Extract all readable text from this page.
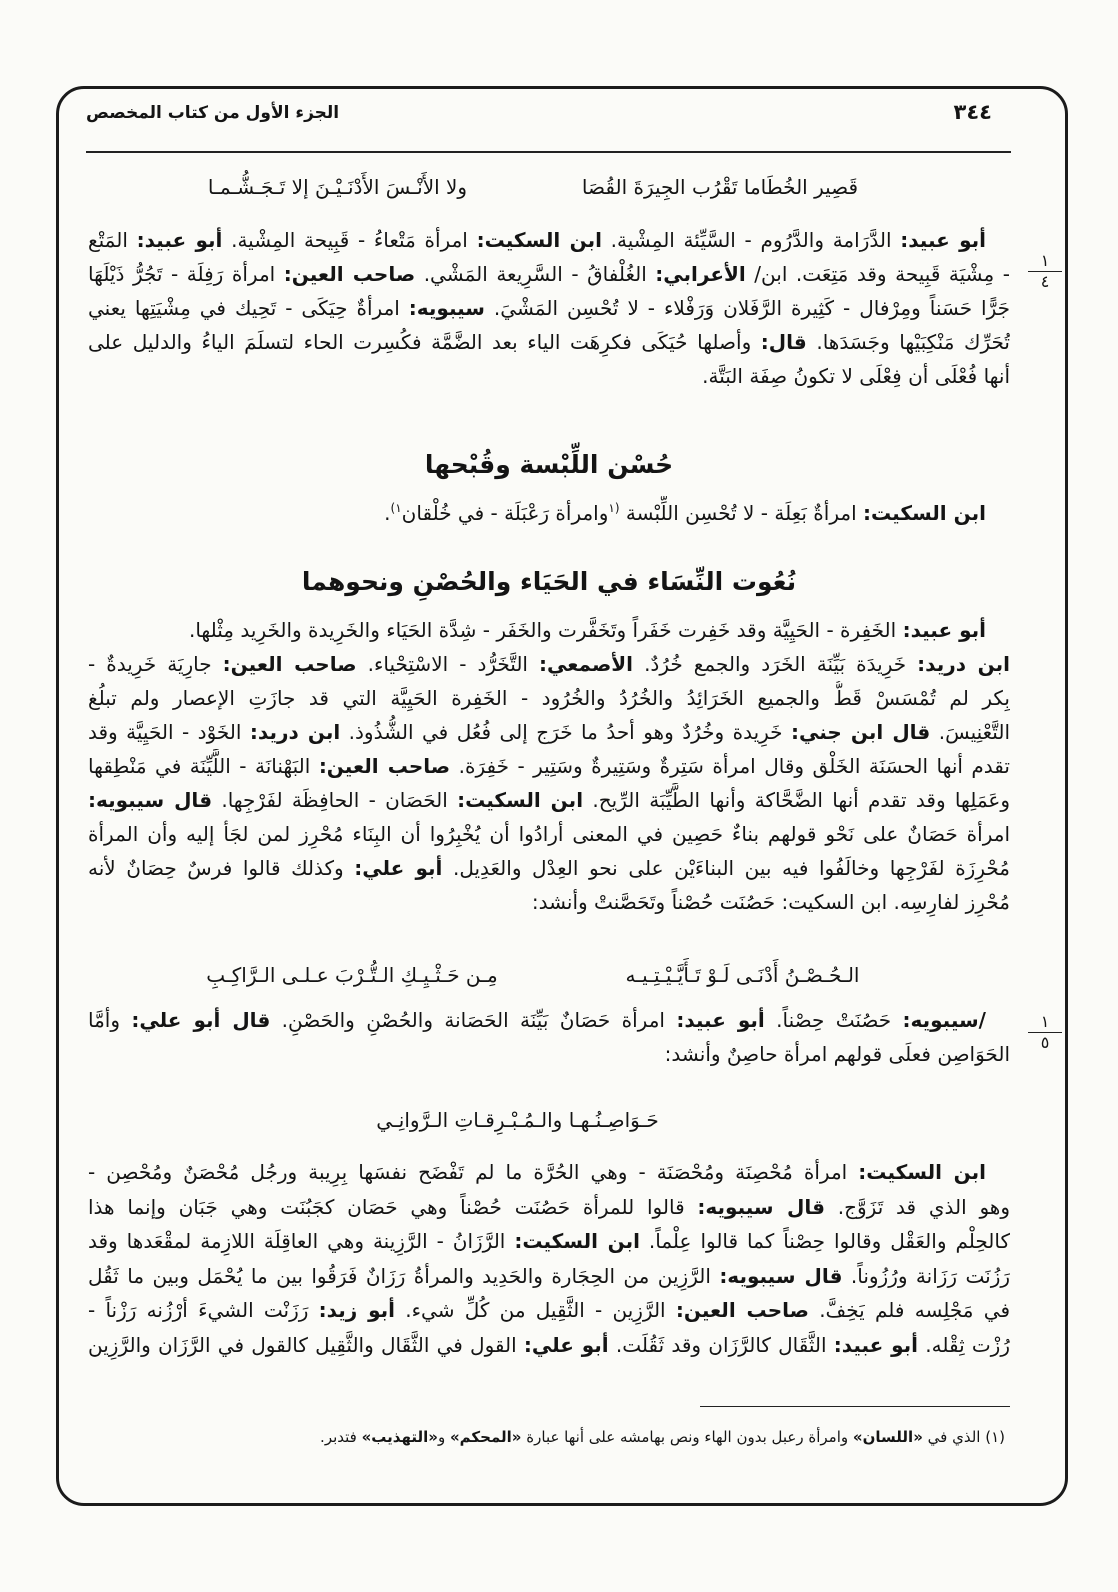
٣٤٤
الجزء الأول من كتاب المخصص
قَصِير الخُطَاما تَقْرُب الجِيرَةَ القُصَا
ولا الأَنْـسَ الأَدْنَـيْـنَ إلا تَـجَـشُّـمـا
أبو عبيد: الدَّرَامة والدَّرُوم - السَّيِّئة المِشْية. ابن السكيت: امرأة مَتْعاءُ - قَبِيحة المِشْية. أبو عبيد: المَتْع
- مِشْيَة قَبِيحة وقد مَتِعَت. ابن/ الأعرابي: الغُلْفاقُ - السَّرِيعة المَشْي. صاحب العين: امرأة رَفِلَة - تَجُرُّ ذَيْلَهَا
جَرًّا حَسَناً ومِرْفال - كَثِيرة الرَّفَلان وَرَفْلاء - لا تُحْسِن المَشْيَ. سيبويه: امرأةٌ حِيَكَى - تَحِيك في مِشْيَتِها يعني
تُحَرِّك مَنْكِبَيْها وجَسَدَها. قال: وأصلها حُيَكَى فكرِهَت الياء بعد الضَّمَّة فكُسِرت الحاء لتسلَمَ الياءُ والدليل على
أنها فُعْلَى أن فِعْلَى لا تكونُ صِفَة البَتَّة.
١
٤
حُسْن اللِّبْسة وقُبْحها
ابن السكيت: امرأةٌ بَعِلَة - لا تُحْسِن اللِّبْسة $^{(١}$وامرأة رَعْبَلَة - في خُلْقان$^{١)}$.
نُعُوت النِّسَاء في الحَيَاء والحُصْنِ ونحوهما
أبو عبيد: الخَفِرة - الحَيِيَّة وقد خَفِرت خَفَراً وتَخَفَّرت والخَفَر - شِدَّة الحَيَاء والخَرِيدة والخَرِيد مِثْلها.
ابن دريد: خَرِيدَة بَيِّنَة الخَرَد والجمع خُرُدٌ. الأصمعي: التَّخَرُّد - الاسْتِحْياء. صاحب العين: جارِيَة خَرِيدةٌ -
بِكر لم تُمْسَسْ قَطُّ والجميع الخَرَائِدُ والخُرُدُ والخُرُود - الخَفِرة الحَيِيَّة التي قد جازَتِ الإعصار ولم تبلُغ
التَّعْنِيسَ. قال ابن جني: خَرِيدة وخُرُدٌ وهو أحدُ ما خَرَج إلى فُعُل في الشُّذُوذ. ابن دريد: الخَوْد - الحَيِيَّة وقد
تقدم أنها الحسَنَة الخَلْق وقال امرأة سَتِرةٌ وسَتِيرةٌ وسَتِير - خَفِرَة. صاحب العين: البَهْنانَة - اللَّيِّنَة في مَنْطِقها
وعَمَلِها وقد تقدم أنها الضَّحَّاكة وأنها الطَّيِّبَة الرِّيح. ابن السكيت: الحَصَان - الحافِظَة لفَرْجِها. قال سيبويه:
امرأة حَصَانٌ على نَحْو قولهم بناءٌ حَصِين في المعنى أرادُوا أن يُخْبِرُوا أن البِنَاء مُحْرِز لمن لجَأ إليه وأن المرأة
مُحْرِزَة لفَرْجِها وخالَفُوا فيه بين البناءَيْن على نحو العِدْل والعَدِيل. أبو علي: وكذلك قالوا فرسٌ حِصَانٌ لأنه
مُحْرِز لفارِسِه. ابن السكيت: حَصُنَت حُصْناً وتَحَصَّنتْ وأنشد:
الـحُـصْـنُ أَدْنَـى لَـوْ تَـأَيَّـيْـتِـيـه
مِـن حَـثْـيِـكِ الـتُّـرْبَ عـلـى الـرَّاكِـبِ
١
٥
/سيبويه: حَصُنَتْ حِصْناً. أبو عبيد: امرأة حَصَانٌ بَيِّنَة الحَصَانة والحُصْنِ والحَصْنِ. قال أبو علي: وأمَّا
الحَوَاصِن فعلَى قولهم امرأة حاصِنٌ وأنشد:
حَـوَاصِـنُـهـا والـمُـبْـرِقـاتِ الـرَّوانِـي
ابن السكيت: امرأة مُحْصِنَة ومُحْصَنَة - وهي الحُرَّة ما لم تَفْضَح نفسَها بِرِيبة ورجُل مُحْصَنٌ ومُحْصِن -
وهو الذي قد تَزَوَّج. قال سيبويه: قالوا للمرأة حَصُنَت حُصْناً وهي حَصَان كجَبُنَت وهي جَبَان وإنما هذا
كالحِلْم والعَقْل وقالوا حِصْناً كما قالوا عِلْماً. ابن السكيت: الرَّزَانُ - الرَّزِينة وهي العاقِلَة اللازِمة لمقْعَدها وقد
رَزُنَت رَزَانة ورُزُوناً. قال سيبويه: الرَّزِين من الحِجَارة والحَدِيد والمرأةُ رَزَانٌ فَرَقُوا بين ما يُحْمَل وبين ما ثَقُل
في مَجْلِسه فلم يَخِفَّ. صاحب العين: الرَّزِين - الثَّقِيل من كُلِّ شيء. أبو زيد: رَزَنْت الشيءَ أرْزُنه رَزْناً -
رُزْت ثِقْله. أبو عبيد: الثَّقَال كالرَّزَان وقد ثَقُلَت. أبو علي: القول في الثَّقَال والثَّقِيل كالقول في الرَّزَان والرَّزِين
(١) الذي في «اللسان» وامرأة رعبل بدون الهاء ونص بهامشه على أنها عبارة «المحكم» و«التهذيب» فتدبر.
